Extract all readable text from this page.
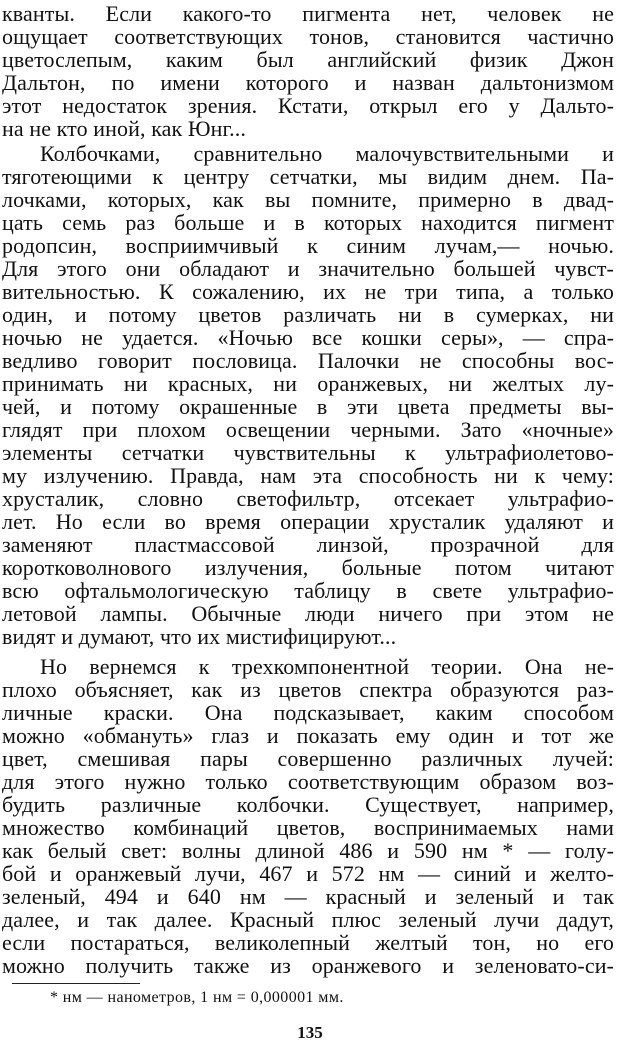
кванты. Если какого-то пигмента нет, человек не
ощущает соответствующих тонов, становится частично
цветослепым, каким был английский физик Джон
Дальтон, по имени которого и назван дальтонизмом
этот недостаток зрения. Кстати, открыл его у Дальто-
на не кто иной, как Юнг...
Колбочками, сравнительно малочувствительными и
тяготеющими к центру сетчатки, мы видим днем. Па-
лочками, которых, как вы помните, примерно в двад-
цать семь раз больше и в которых находится пигмент
родопсин, восприимчивый к синим лучам,— ночью.
Для этого они обладают и значительно большей чувст-
вительностью. К сожалению, их не три типа, а только
один, и потому цветов различать ни в сумерках, ни
ночью не удается. «Ночью все кошки серы», — спра-
ведливо говорит пословица. Палочки не способны вос-
принимать ни красных, ни оранжевых, ни желтых лу-
чей, и потому окрашенные в эти цвета предметы вы-
глядят при плохом освещении черными. Зато «ночные»
элементы сетчатки чувствительны к ультрафиолетово-
му излучению. Правда, нам эта способность ни к чему:
хрусталик, словно светофильтр, отсекает ультрафио-
лет. Но если во время операции хрусталик удаляют и
заменяют пластмассовой линзой, прозрачной для
коротковолнового излучения, больные потом читают
всю офтальмологическую таблицу в свете ультрафио-
летовой лампы. Обычные люди ничего при этом не
видят и думают, что их мистифицируют...
Но вернемся к трехкомпонентной теории. Она не-
плохо объясняет, как из цветов спектра образуются раз-
личные краски. Она подсказывает, каким способом
можно «обмануть» глаз и показать ему один и тот же
цвет, смешивая пары совершенно различных лучей:
для этого нужно только соответствующим образом воз-
будить различные колбочки. Существует, например,
множество комбинаций цветов, воспринимаемых нами
как белый свет: волны длиной 486 и 590 нм * — голу-
бой и оранжевый лучи, 467 и 572 нм — синий и желто-
зеленый, 494 и 640 нм — красный и зеленый и так
далее, и так далее. Красный плюс зеленый лучи дадут,
если постараться, великолепный желтый тон, но его
можно получить также из оранжевого и зеленовато-си-
* нм — нанометров, 1 нм = 0,000001 мм.
135
